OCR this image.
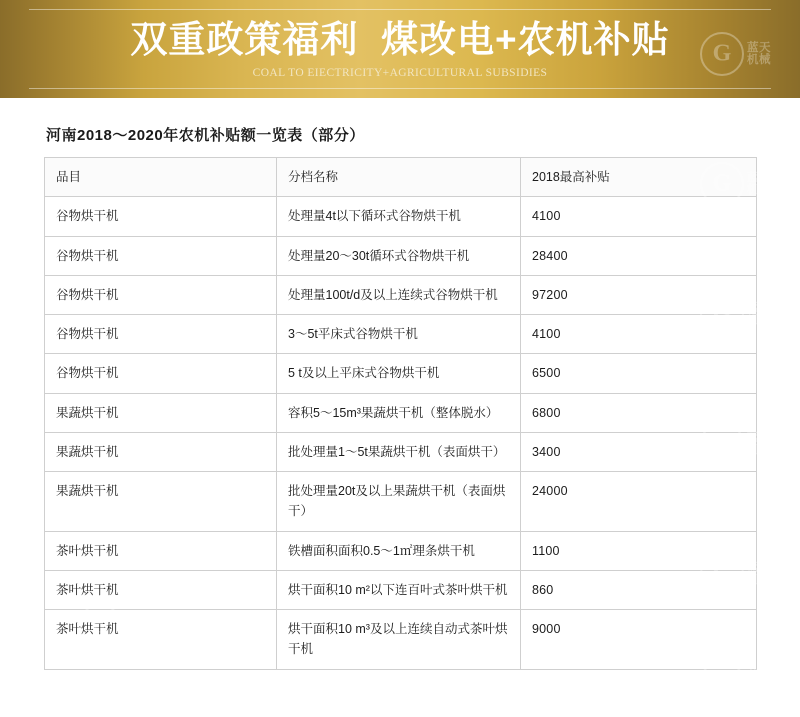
双重政策福利  煤改电+农机补贴
COAL TO EIECTRICITY+AGRICULTURAL SUBSIDIES
河南2018～2020年农机补贴额一览表（部分）
品目	分档名称	2018最高补贴
谷物烘干机	处理量4t以下循环式谷物烘干机	4100
谷物烘干机	处理量20～30t循环式谷物烘干机	28400
谷物烘干机	处理量100t/d及以上连续式谷物烘干机	97200
谷物烘干机	3～5t平床式谷物烘干机	4100
谷物烘干机	5 t及以上平床式谷物烘干机	6500
果蔬烘干机	容积5～15m³果蔬烘干机（整体脱水）	6800
果蔬烘干机	批处理量1～5t果蔬烘干机（表面烘干）	3400
果蔬烘干机	批处理量20t及以上果蔬烘干机（表面烘干）	24000
茶叶烘干机	铁槽面积面积0.5～1㎡理条烘干机	1100
茶叶烘干机	烘干面积10 m²以下连百叶式茶叶烘干机	860
茶叶烘干机	烘干面积10 m³及以上连续自动式茶叶烘干机	9000
G
蓝天机械
G
蓝天机械
G
蓝天机械
G
蓝天机械
G
蓝天机械
G
蓝天机械
G
蓝天机械
